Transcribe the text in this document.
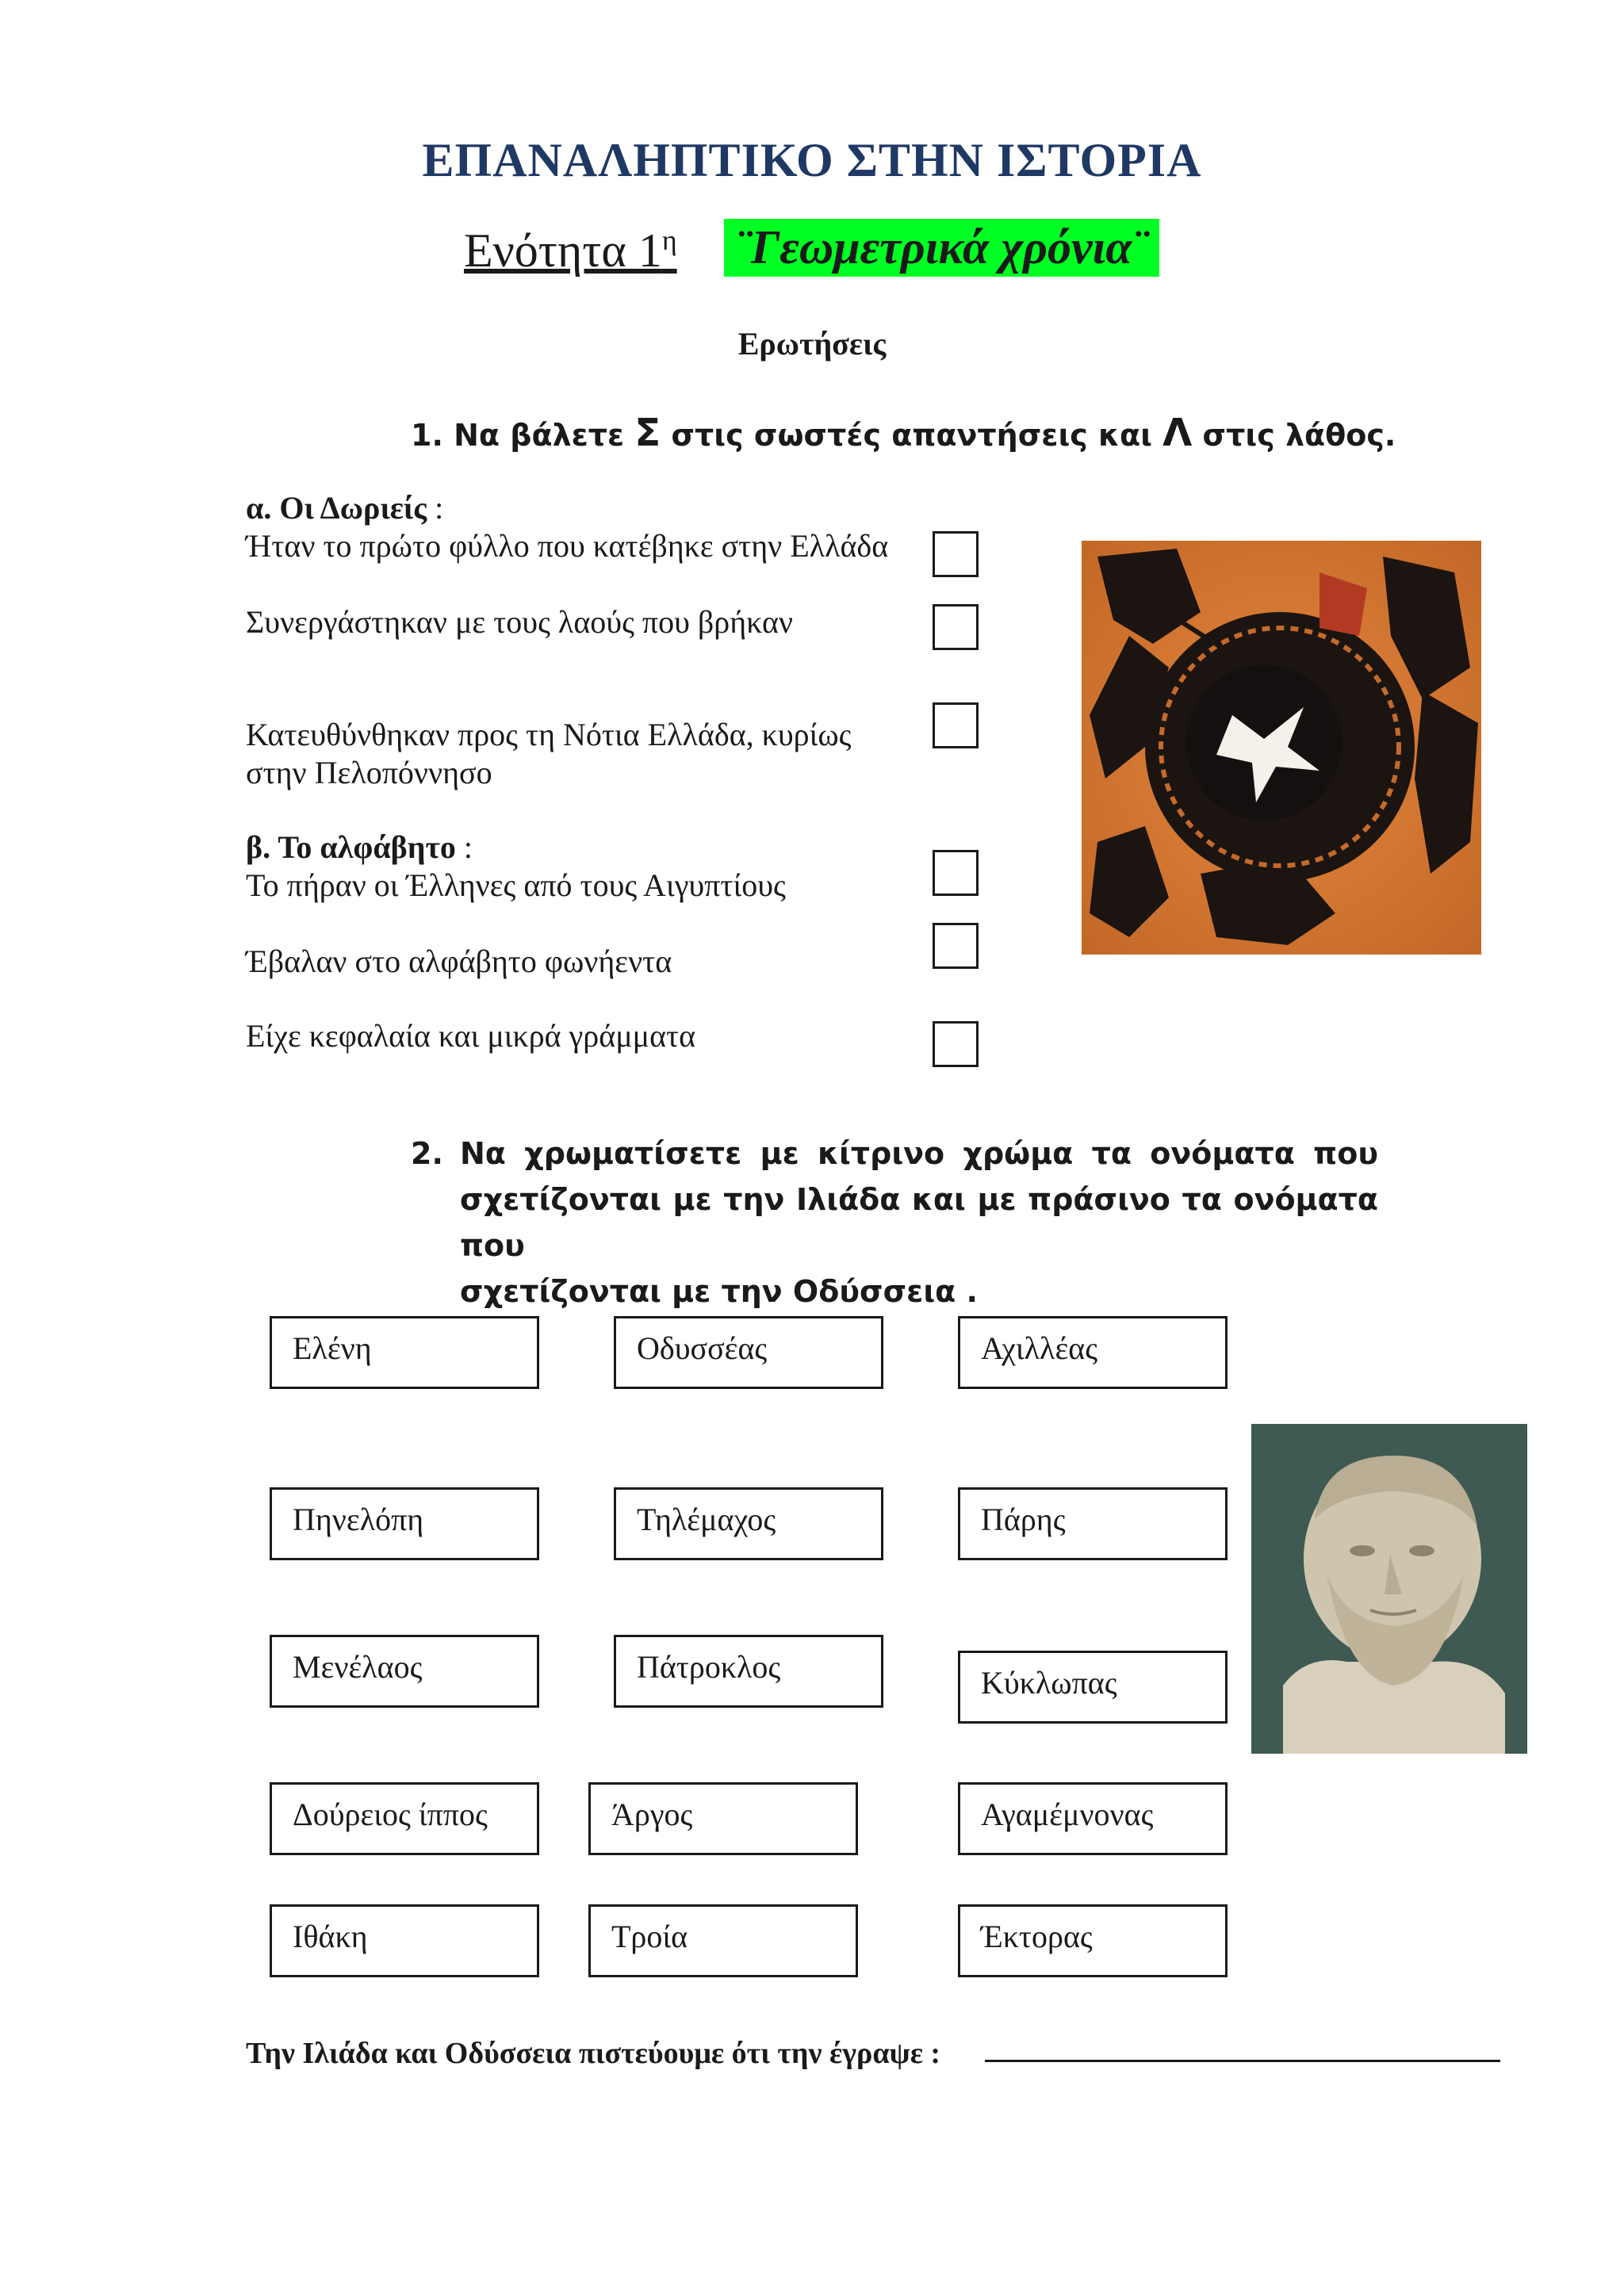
ΕΠΑΝΑΛΗΠΤΙΚΟ ΣΤΗΝ ΙΣΤΟΡΙΑ
Ενότητα $1^\eta$ ¨Γεωμετρικά χρόνια¨
Ερωτήσεις
1. Να βάλετε Σ στις σωστές απαντήσεις και Λ στις λάθος.
α. Οι Δωριείς :
Ήταν το πρώτο φύλλο που κατέβηκε στην Ελλάδα
Συνεργάστηκαν με τους λαούς που βρήκαν
Κατευθύνθηκαν προς τη Νότια Ελλάδα, κυρίως
στην Πελοπόννησο
β. Το αλφάβητο :
Το πήραν οι Έλληνες από τους Αιγυπτίους
Έβαλαν στο αλφάβητο φωνήεντα
Είχε κεφαλαία και μικρά γράμματα
2. Να χρωματίσετε με κίτρινο χρώμα τα ονόματα που
σχετίζονται με την Ιλιάδα και με πράσινο τα ονόματα που
σχετίζονται με την Οδύσσεια .
Ελένη	Οδυσσέας	Αχιλλέας
Πηνελόπη	Τηλέμαχος	Πάρης
Μενέλαος	Πάτροκλος	Κύκλωπας
Δούρειος ίππος	Άργος	Αγαμέμνονας
Ιθάκη	Τροία	Έκτορας
Την Ιλιάδα και Οδύσσεια πιστεύουμε ότι την έγραψε :
